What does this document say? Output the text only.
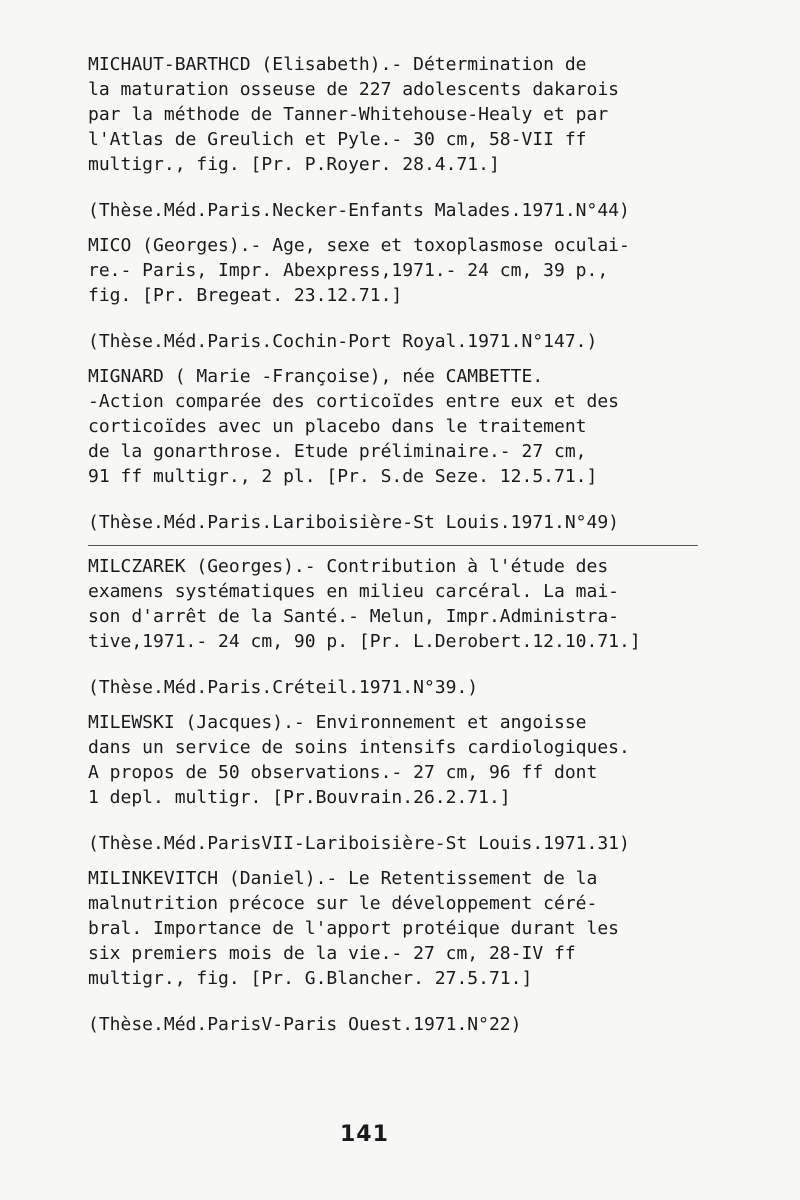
MICHAUT-BARTHCD (Elisabeth).- Détermination de
la maturation osseuse de 227 adolescents dakarois
par la méthode de Tanner-Whitehouse-Healy et par
l'Atlas de Greulich et Pyle.- 30 cm, 58-VII ff
multigr., fig. [Pr. P.Royer. 28.4.71.]
(Thèse.Méd.Paris.Necker-Enfants Malades.1971.N°44)
MICO (Georges).- Age, sexe et toxoplasmose oculai-
re.- Paris, Impr. Abexpress,1971.- 24 cm, 39 p.,
fig. [Pr. Bregeat. 23.12.71.]
(Thèse.Méd.Paris.Cochin-Port Royal.1971.N°147.)
MIGNARD ( Marie -Françoise), née CAMBETTE.
-Action comparée des corticoïdes entre eux et des
corticoïdes avec un placebo dans le traitement
de la gonarthrose. Etude préliminaire.- 27 cm,
91 ff multigr., 2 pl. [Pr. S.de Seze. 12.5.71.]
(Thèse.Méd.Paris.Lariboisière-St Louis.1971.N°49)
MILCZAREK (Georges).- Contribution à l'étude des
examens systématiques en milieu carcéral. La mai-
son d'arrêt de la Santé.- Melun, Impr.Administra-
tive,1971.- 24 cm, 90 p. [Pr. L.Derobert.12.10.71.]
(Thèse.Méd.Paris.Créteil.1971.N°39.)
MILEWSKI (Jacques).- Environnement et angoisse
dans un service de soins intensifs cardiologiques.
A propos de 50 observations.- 27 cm, 96 ff dont
1 depl. multigr. [Pr.Bouvrain.26.2.71.]
(Thèse.Méd.ParisVII-Lariboisière-St Louis.1971.31)
MILINKEVITCH (Daniel).- Le Retentissement de la
malnutrition précoce sur le développement céré-
bral. Importance de l'apport protéique durant les
six premiers mois de la vie.- 27 cm, 28-IV ff
multigr., fig. [Pr. G.Blancher. 27.5.71.]
(Thèse.Méd.ParisV-Paris Ouest.1971.N°22)
141
